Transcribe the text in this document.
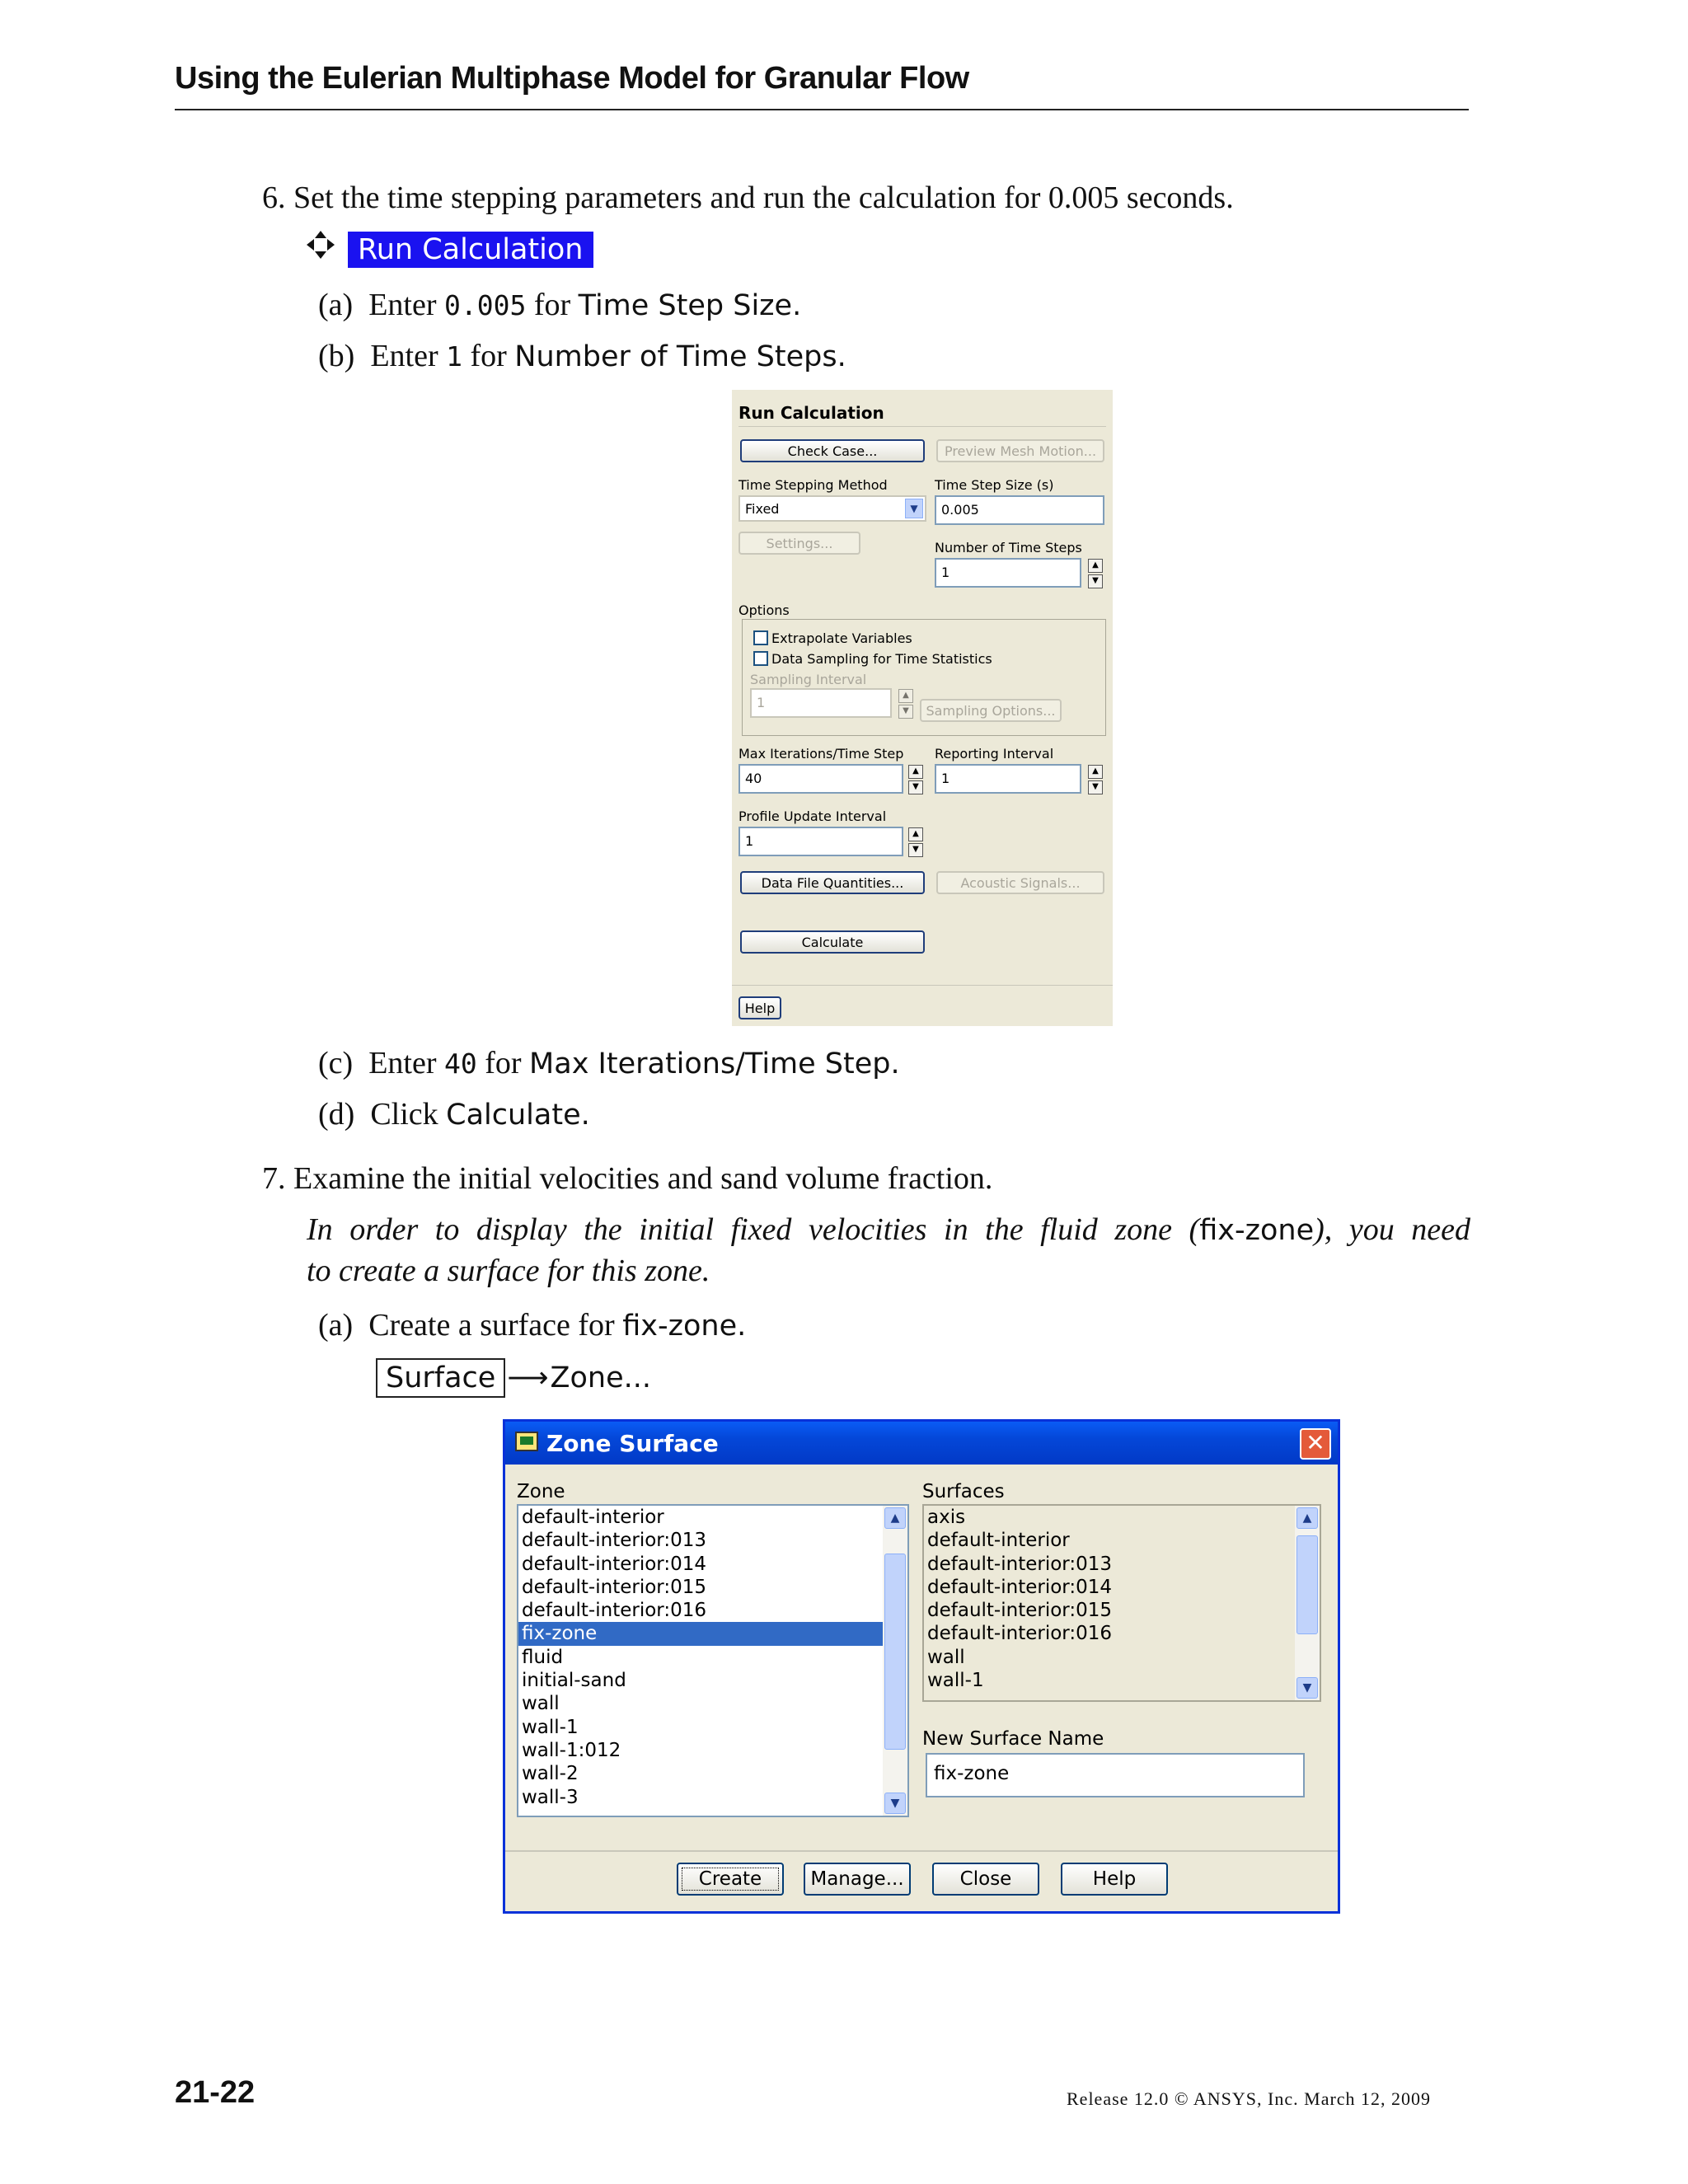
Using the Eulerian Multiphase Model for Granular Flow
6. Set the time stepping parameters and run the calculation for 0.005 seconds.
Run Calculation
(a) Enter 0.005 for Time Step Size.
(b) Enter 1 for Number of Time Steps.
Run Calculation
Check Case...	Preview Mesh Motion...
Time Stepping Method	Time Step Size (s)
Fixed	▼	0.005
Settings...	Number of Time Steps
1	▲
▼
Options
Extrapolate Variables
Data Sampling for Time Statistics
Sampling Interval
1	▲
▼	Sampling Options...
Max Iterations/Time Step Reporting Interval
40	▲
▼
1	▲
▼
Profile Update Interval
1	▲
▼
Data File Quantities...	Acoustic Signals...
Calculate
Help
(c) Enter 40 for Max Iterations/Time Step.
(d) Click Calculate.
7. Examine the initial velocities and sand volume fraction.
In order to display the initial fixed velocities in the fluid zone (fix-zone), you need
to create a surface for this zone.
(a) Create a surface for fix-zone.
Surface ⟶ Zone...
Zone Surface	✕
Zone
default-interior
default-interior:013
default-interior:014
default-interior:015
default-interior:016
fix-zone
fluid
initial-sand
wall
wall-1
wall-1:012
wall-2
wall-3
▲
▼
Surfaces
axis
default-interior
default-interior:013
default-interior:014
default-interior:015
default-interior:016
wall
wall-1
▲
▼
New Surface Name
fix-zone
Create	Manage...	Close	Help
21-22	Release 12.0 © ANSYS, Inc. March 12, 2009
